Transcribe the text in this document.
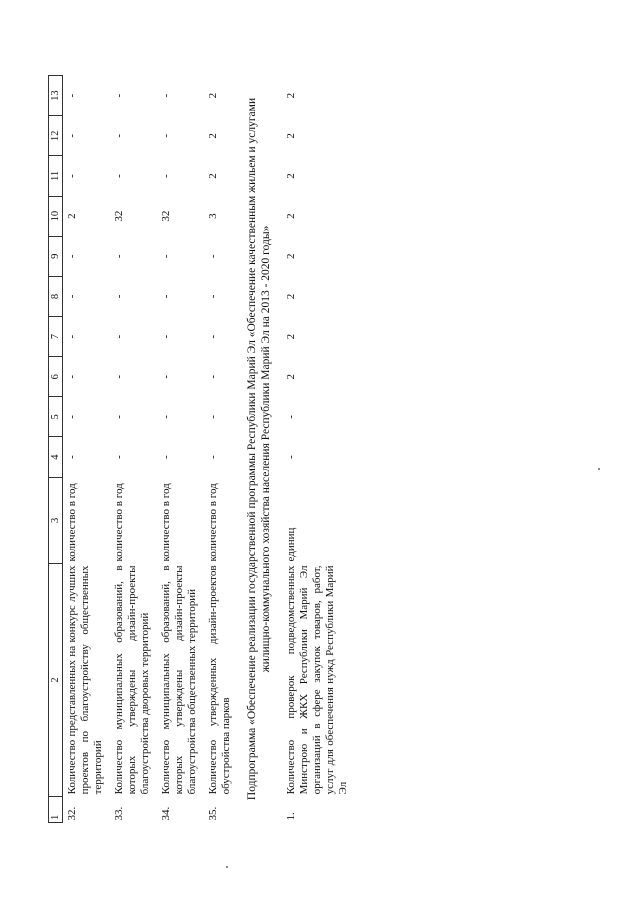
1	2	3	4	5	6	7	8	9	10	11	12	13
32.	Количество представленных на конкурс лучших проектов по благоустройству общественных территорий	количество в год	-	-	-	-	-	-	2	-	-	-
33.	Количество муниципальных образований, в которых утверждены дизайн-проекты благоустройства дворовых территорий	количество в год	-	-	-	-	-	-	32	-	-	-
34.	Количество муниципальных образований, в которых утверждены дизайн-проекты благоустройства общественных территорий	количество в год	-	-	-	-	-	-	32	-	-	-
35.	Количество утвержденных дизайн-проектов обустройства парков	количество в год	-	-	-	-	-	-	3	2	2	2
Подпрограмма «Обеспечение реализации государственной программы Республики Марий Эл «Обеспечение качественным жильем и услугами жилищно-коммунального хозяйства населения Республики Марий Эл на 2013 - 2020 годы»												
1.	Количество проверок подведомственных Минстрою и ЖКХ Республики Марий Эл организаций в сфере закупок товаров, работ, услуг для обеспечения нужд Республики Марий Эл	единиц	-	-	2	2	2	2	2	2	2	2
